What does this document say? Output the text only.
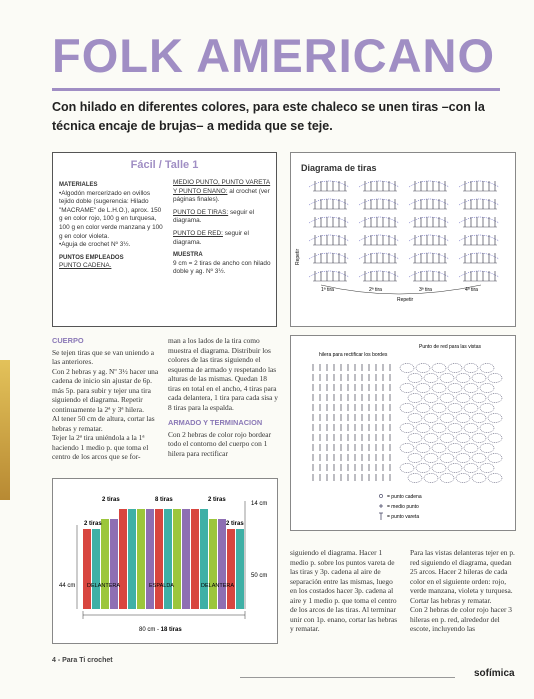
FOLK AMERICANO
Con hilado en diferentes colores, para este chaleco se unen tiras –con la técnica encaje de brujas– a medida que se teje.
Fácil / Talle 1
MATERIALES
•Algodón mercerizado en ovillos tejido doble (sugerencia: Hilado "MACRAME" de L.H.O.), aprox. 150 g en color rojo, 100 g en turquesa, 100 g en color verde manzana y 100 g en color violeta.
•Aguja de crochet Nº 3½.
PUNTOS EMPLEADOS
PUNTO CADENA.
MEDIO PUNTO, PUNTO VARETA Y PUNTO ENANO: al crochet (ver páginas finales).
PUNTO DE TIRAS: seguir el diagrama.
PUNTO DE RED: seguir el diagrama.
MUESTRA
9 cm = 2 tiras de ancho con hilado doble y ag. Nº 3½.
CUERPO
Se tejen tiras que se van uniendo a las anteriores.
Con 2 hebras y ag. Nº 3½ hacer una cadena de inicio sin ajustar de 6p. más 5p. para subir y tejer una tira siguiendo el diagrama. Repetir continuamente la 2ª y 3ª hilera.
Al tener 50 cm de altura, cortar las hebras y rematar.
Tejer la 2ª tira uniéndola a la 1ª haciendo 1 medio p. que toma el centro de los arcos que se for-
man a los lados de la tira como muestra el diagrama. Distribuir los colores de las tiras siguiendo el esquema de armado y respetando las alturas de las mismas. Quedan 18 tiras en total en el ancho, 4 tiras para cada delantera, 1 tira para cada sisa y 8 tiras para la espalda.
ARMADO Y TERMINACION
Con 2 hebras de color rojo bordear todo el contorno del cuerpo con 1 hilera para rectificar
Diagrama de tiras
1ª tira	2ª tira	3ª tira	4ª tira
Repetir
Repetir
Punto de red para las vistas
hilera para rectificar los bordes
= punto cadena
= medio punto
= punto vareta
2 tiras	8 tiras	2 tiras
2 tiras	2 tiras
14 cm
50 cm
44 cm DELANTERA	ESPALDA	DELANTERA
80 cm - 18 tiras
siguiendo el diagrama. Hacer 1 medio p. sobre los puntos vareta de las tiras y 3p. cadena al aire de separación entre las mismas, luego en los costados hacer 3p. cadena al aire y 1 medio p. que toma el centro de los arcos de las tiras. Al terminar unir con 1p. enano, cortar las hebras y rematar.
Para las vistas delanteras tejer en p. red siguiendo el diagrama, quedan 25 arcos. Hacer 2 hileras de cada color en el siguiente orden: rojo, verde manzana, violeta y turquesa. Cortar las hebras y rematar.
Con 2 hebras de color rojo hacer 3 hileras en p. red, alrededor del escote, incluyendo las
4 - Para Ti crochet
sofímica
